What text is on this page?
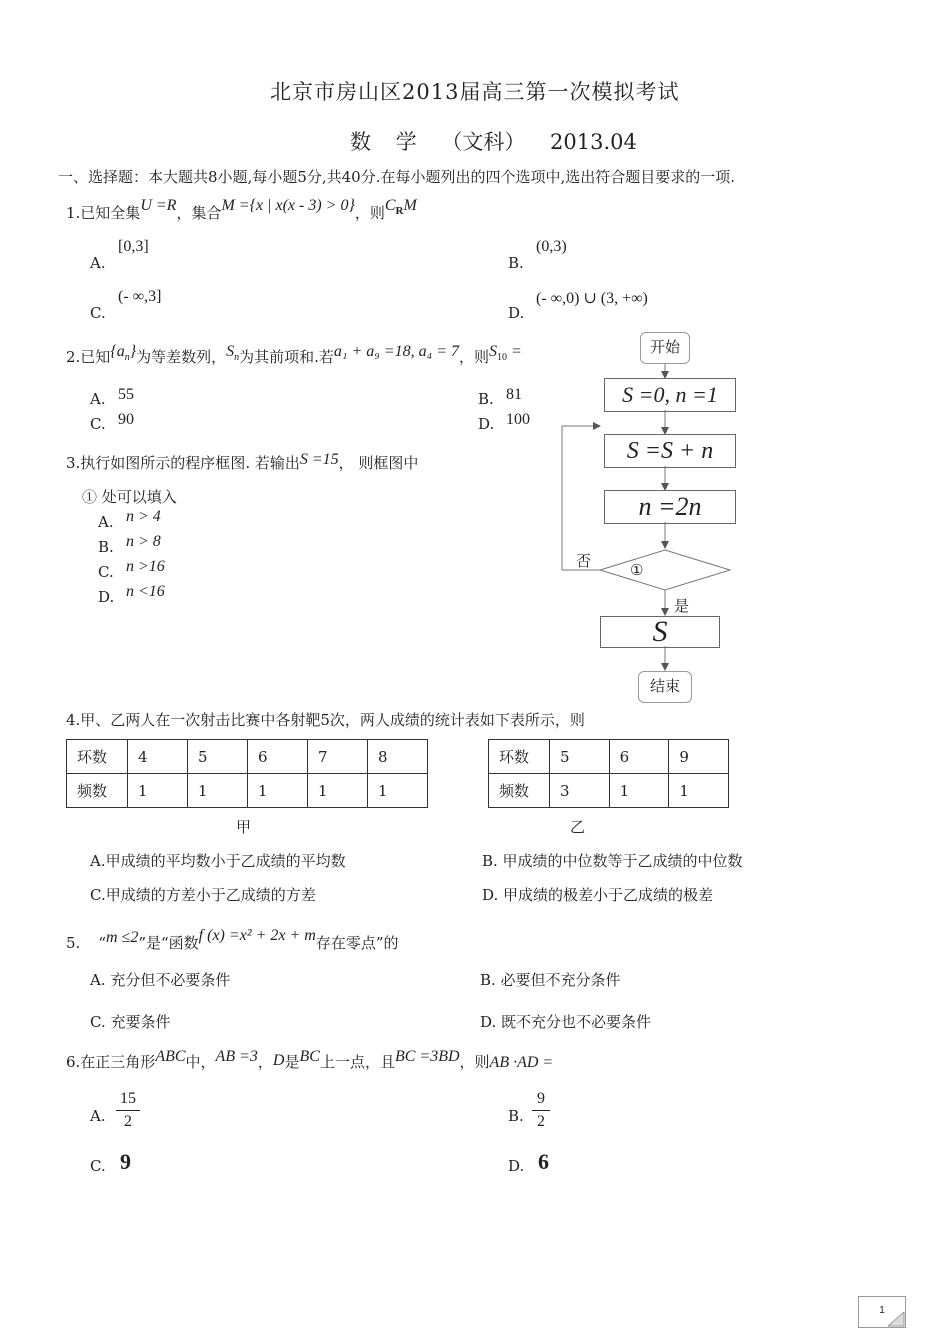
北京市房山区2013届高三第一次模拟考试
数 学 （文科） 2013.04
一、选择题：本大题共8小题,每小题5分,共40分.在每小题列出的四个选项中,选出符合题目要求的一项.
1.已知全集U =R，集合M ={x | x(x - 3) > 0}，则$C_RM$
A.
[0,3]
B.
(0,3)
C.
(- ∞,3]
D.
(- ∞,0) ∪ (3, +∞)
2.已知$\{a_n\}$为等差数列，$S_n$为其前项和.若a₁ + a₉ =18, a₄ = 7，则$S_{10}$ =
A. 55	B. 81
C. 90	D. 100
3.执行如图所示的程序框图. 若输出S =15， 则框图中
① 处可以填入
A. n > 4
B. n > 8
C. n >16
D. n <16
开始
S =0, n =1
S =S + n
n =2n
①
否
是
S
结束
4.甲、乙两人在一次射击比赛中各射靶5次，两人成绩的统计表如下表所示，则
环数	4	5	6	7	8
频数	1	1	1	1	1
甲
环数	5	6	9
频数	3	1	1
乙
A.甲成绩的平均数小于乙成绩的平均数	B. 甲成绩的中位数等于乙成绩的中位数
C.甲成绩的方差小于乙成绩的方差	D. 甲成绩的极差小于乙成绩的极差
5. “m ≤2”是“函数f (x) =x² + 2x + m存在零点”的
A. 充分但不必要条件	B. 必要但不充分条件
C. 充要条件	D. 既不充分也不必要条件
6.在正三角形ABC中，AB =3，D是BC上一点，且BC =3BD，则AB ·AD =
A.
15
2	B.
9
2
C. 9	D. 6
1
